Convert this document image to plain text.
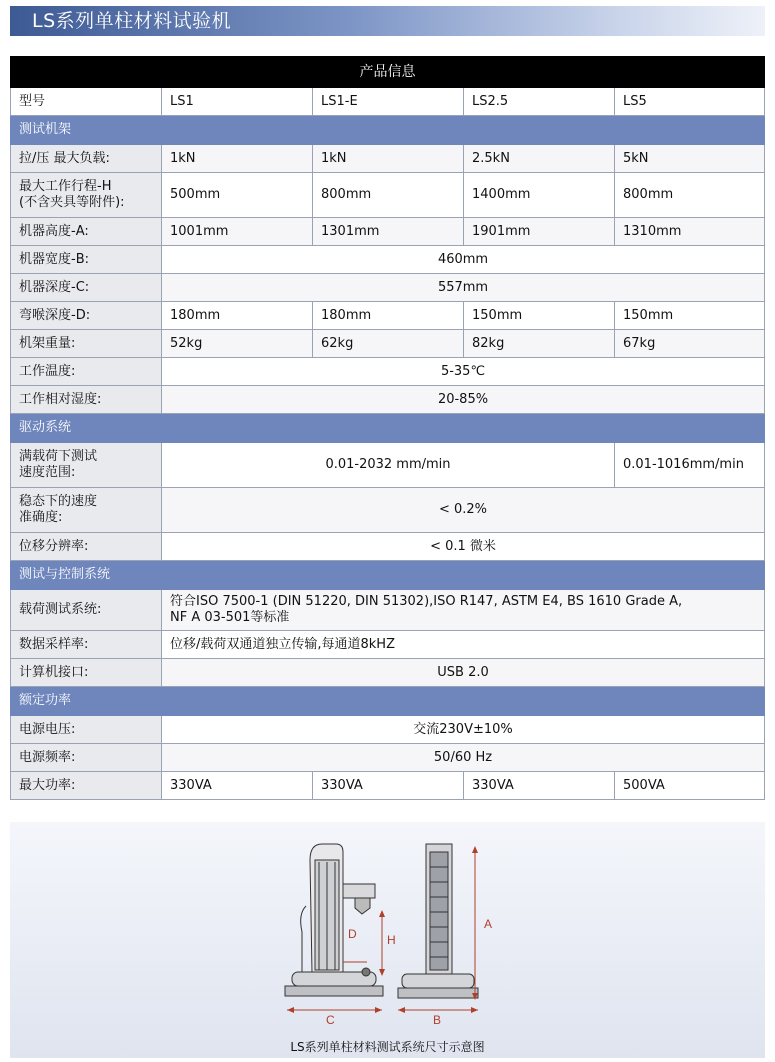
LS系列单柱材料试验机
产品信息				
型号	LS1	LS1-E	LS2.5	LS5
测试机架				
拉/压 最大负载:	1kN	1kN	2.5kN	5kN

最大工作行程-H
(不含夹具等附件):	500mm	800mm	1400mm	800mm
机器高度-A:	1001mm	1301mm	1901mm	1310mm
机器宽度-B:	460mm			
机器深度-C:	557mm			
弯喉深度-D:	180mm	180mm	150mm	150mm
机架重量:	52kg	62kg	82kg	67kg
工作温度:	5-35℃			
工作相对湿度:	20-85%			
驱动系统				

满载荷下测试
速度范围:	0.01-2032 mm/min			0.01-1016mm/min

稳态下的速度
准确度:	< 0.2%			
位移分辨率:	< 0.1 微米			
测试与控制系统				
载荷测试系统:	符合ISO 7500-1 (DIN 51220, DIN 51302),ISO R147, ASTM E4, BS 1610 Grade A,
NF A 03-501等标准			

数据采样率:	位移/载荷双通道独立传输,每通道8kHZ			
计算机接口:	USB 2.0			
额定功率				
电源电压:	交流230V±10%			
电源频率:	50/60 Hz			
最大功率:	330VA	330VA	330VA	500VA
A
B
C
D	H
LS系列单柱材料测试系统尺寸示意图
